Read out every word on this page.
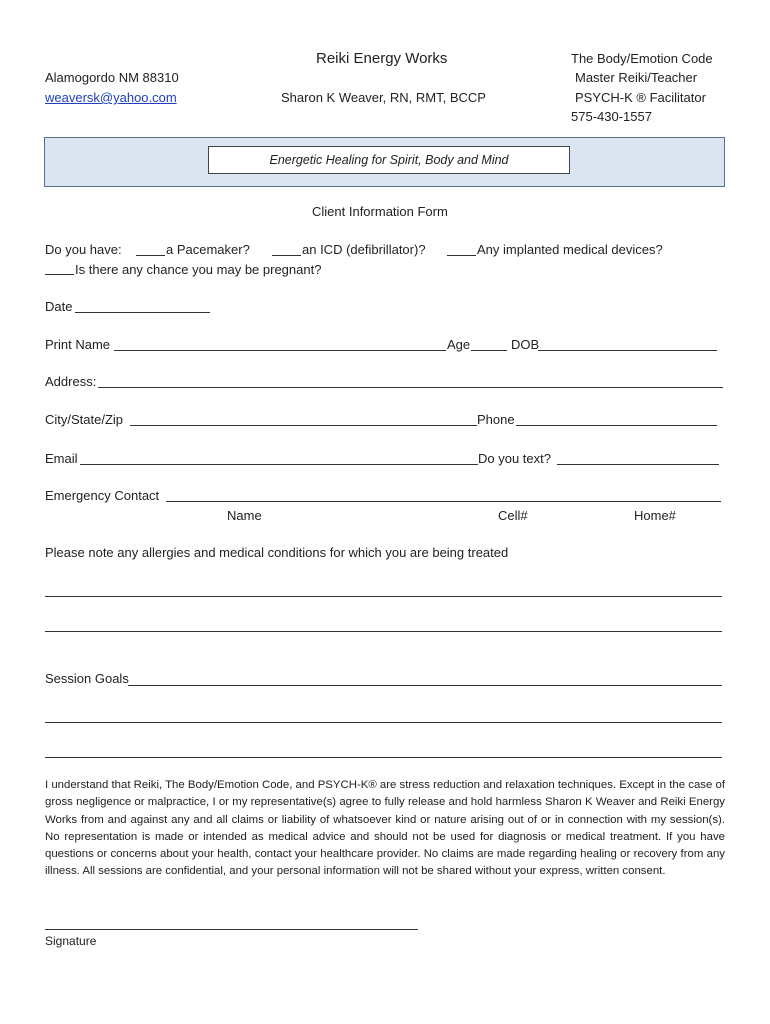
Alamogordo NM 88310
weaversk@yahoo.com
Reiki Energy Works
Sharon K Weaver, RN, RMT, BCCP
The Body/Emotion Code
Master Reiki/Teacher
PSYCH-K ® Facilitator
575-430-1557
Energetic Healing for Spirit, Body and Mind
Client Information Form
Do you have:	a Pacemaker?	an ICD (defibrillator)?	Any implanted medical devices?
Is there any chance you may be pregnant?
Date
Print Name	Age	DOB
Address:
City/State/Zip	Phone
Email	Do you text?
Emergency Contact
Name	Cell#	Home#
Please note any allergies and medical conditions for which you are being treated
Session Goals
I understand that Reiki, The Body/Emotion Code, and PSYCH-K® are stress reduction and relaxation techniques. Except in the case of gross negligence or malpractice, I or my representative(s) agree to fully release and hold harmless Sharon K Weaver and Reiki Energy Works from and against any and all claims or liability of whatsoever kind or nature arising out of or in connection with my session(s). No representation is made or intended as medical advice and should not be used for diagnosis or medical treatment. If you have questions or concerns about your health, contact your healthcare provider. No claims are made regarding healing or recovery from any illness. All sessions are confidential, and your personal information will not be shared without your express, written consent.
Signature
